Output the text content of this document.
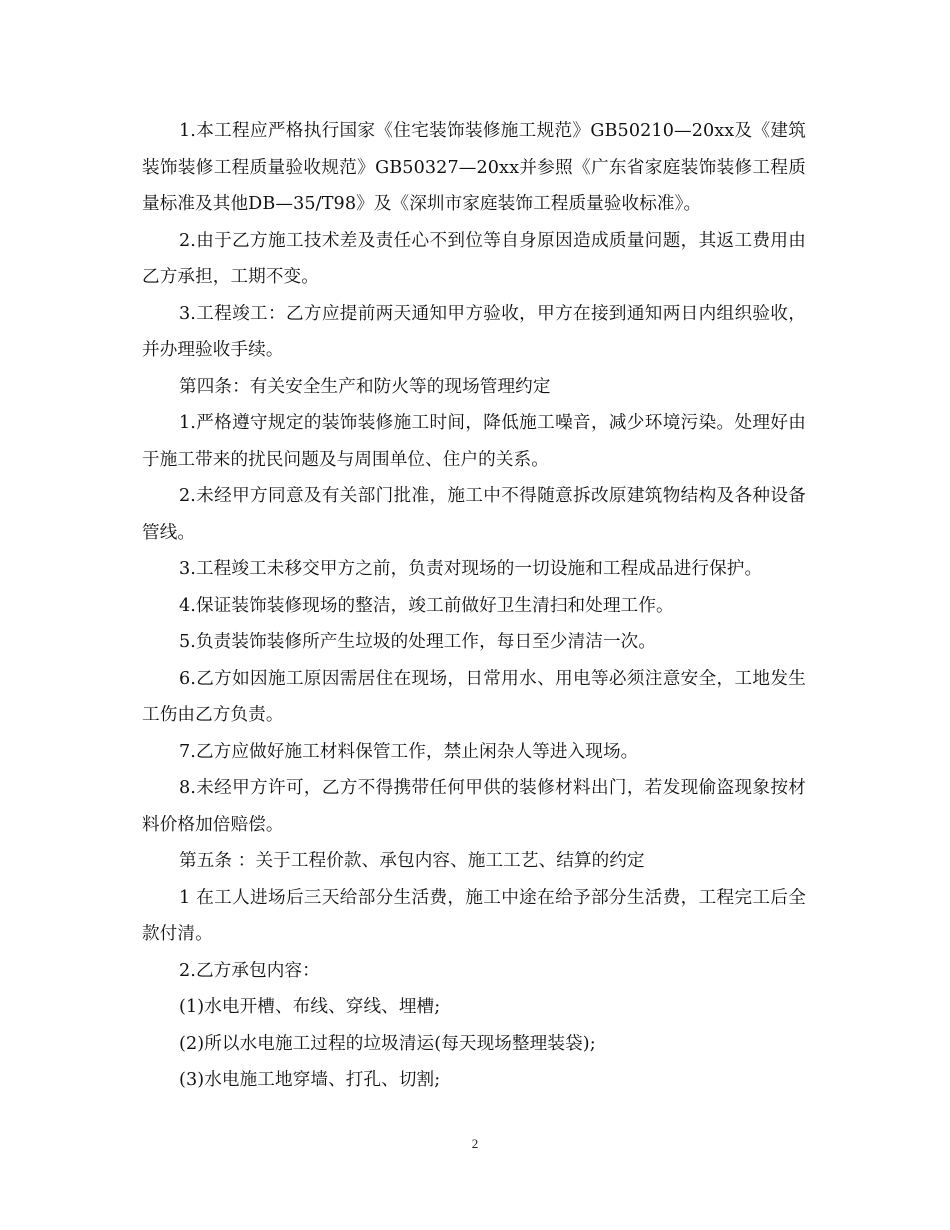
1.本工程应严格执行国家《住宅装饰装修施工规范》GB50210—20xx及《建筑装饰装修工程质量验收规范》GB50327—20xx并参照《广东省家庭装饰装修工程质量标准及其他DB—35/T98》及《深圳市家庭装饰工程质量验收标准》。

2.由于乙方施工技术差及责任心不到位等自身原因造成质量问题，其返工费用由乙方承担，工期不变。

3.工程竣工：乙方应提前两天通知甲方验收，甲方在接到通知两日内组织验收，并办理验收手续。

第四条：有关安全生产和防火等的现场管理约定

1.严格遵守规定的装饰装修施工时间，降低施工噪音，减少环境污染。处理好由于施工带来的扰民问题及与周围单位、住户的关系。

2.未经甲方同意及有关部门批准，施工中不得随意拆改原建筑物结构及各种设备管线。

3.工程竣工未移交甲方之前，负责对现场的一切设施和工程成品进行保护。

4.保证装饰装修现场的整洁，竣工前做好卫生清扫和处理工作。

5.负责装饰装修所产生垃圾的处理工作，每日至少清洁一次。

6.乙方如因施工原因需居住在现场，日常用水、用电等必须注意安全，工地发生工伤由乙方负责。

7.乙方应做好施工材料保管工作，禁止闲杂人等进入现场。

8.未经甲方许可，乙方不得携带任何甲供的装修材料出门，若发现偷盗现象按材料价格加倍赔偿。

第五条 ：关于工程价款、承包内容、施工工艺、结算的约定

1 在工人进场后三天给部分生活费，施工中途在给予部分生活费，工程完工后全款付清。

2.乙方承包内容：

(1)水电开槽、布线、穿线、埋槽;

(2)所以水电施工过程的垃圾清运(每天现场整理装袋);

(3)水电施工地穿墙、打孔、切割;

2
